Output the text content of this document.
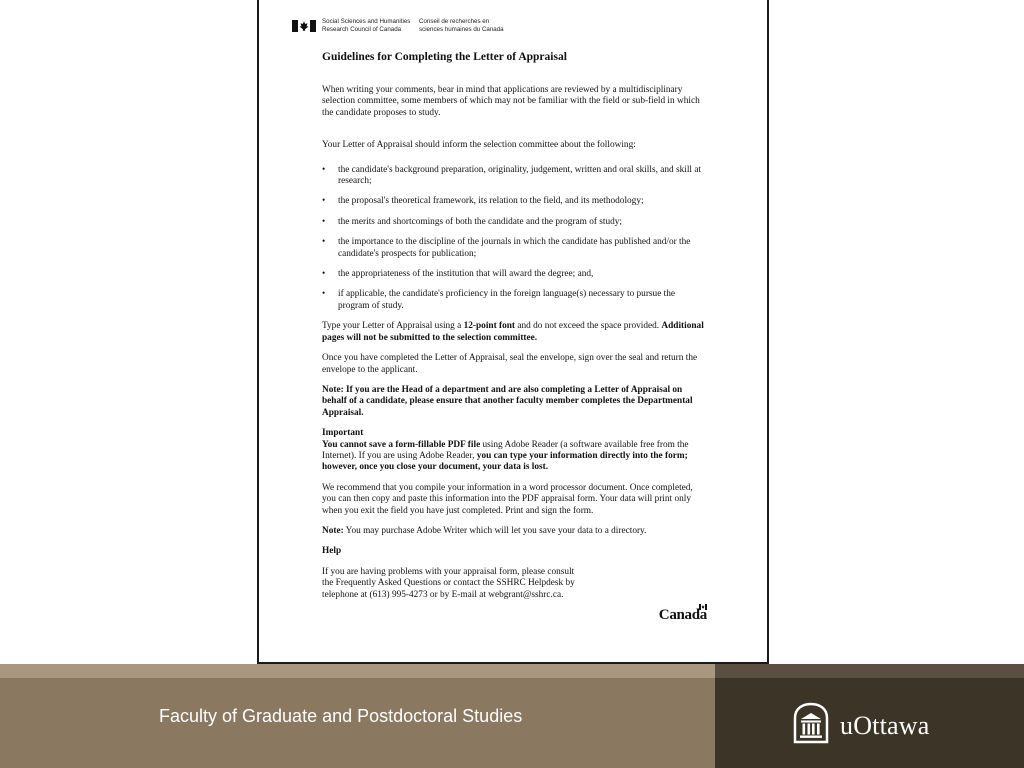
Social Sciences and Humanities
Research Council of Canada
Conseil de recherches en
sciences humaines du Canada

Guidelines for Completing the Letter of Appraisal

When writing your comments, bear in mind that applications are reviewed by a multidisciplinary selection committee, some members of which may not be familiar with the field or sub-field in which the candidate proposes to study.

Your Letter of Appraisal should inform the selection committee about the following:

• the candidate's background preparation, originality, judgement, written and oral skills, and skill at research;
• the proposal's theoretical framework, its relation to the field, and its methodology;
• the merits and shortcomings of both the candidate and the program of study;
• the importance to the discipline of the journals in which the candidate has published and/or the candidate's prospects for publication;
• the appropriateness of the institution that will award the degree; and,
• if applicable, the candidate's proficiency in the foreign language(s) necessary to pursue the program of study.

Type your Letter of Appraisal using a 12-point font and do not exceed the space provided. Additional pages will not be submitted to the selection committee.

Once you have completed the Letter of Appraisal, seal the envelope, sign over the seal and return the envelope to the applicant.

Note: If you are the Head of a department and are also completing a Letter of Appraisal on behalf of a candidate, please ensure that another faculty member completes the Departmental Appraisal.

Important

You cannot save a form-fillable PDF file using Adobe Reader (a software available free from the Internet). If you are using Adobe Reader, you can type your information directly into the form; however, once you close your document, your data is lost.

We recommend that you compile your information in a word processor document. Once completed, you can then copy and paste this information into the PDF appraisal form. Your data will print only when you exit the field you have just completed. Print and sign the form.

Note: You may purchase Adobe Writer which will let you save your data to a directory.

Help

If you are having problems with your appraisal form, please consult the Frequently Asked Questions or contact the SSHRC Helpdesk by telephone at (613) 995-4273 or by E-mail at webgrant@sshrc.ca.

Canada
Faculty of Graduate and Postdoctoral Studies	uOttawa
